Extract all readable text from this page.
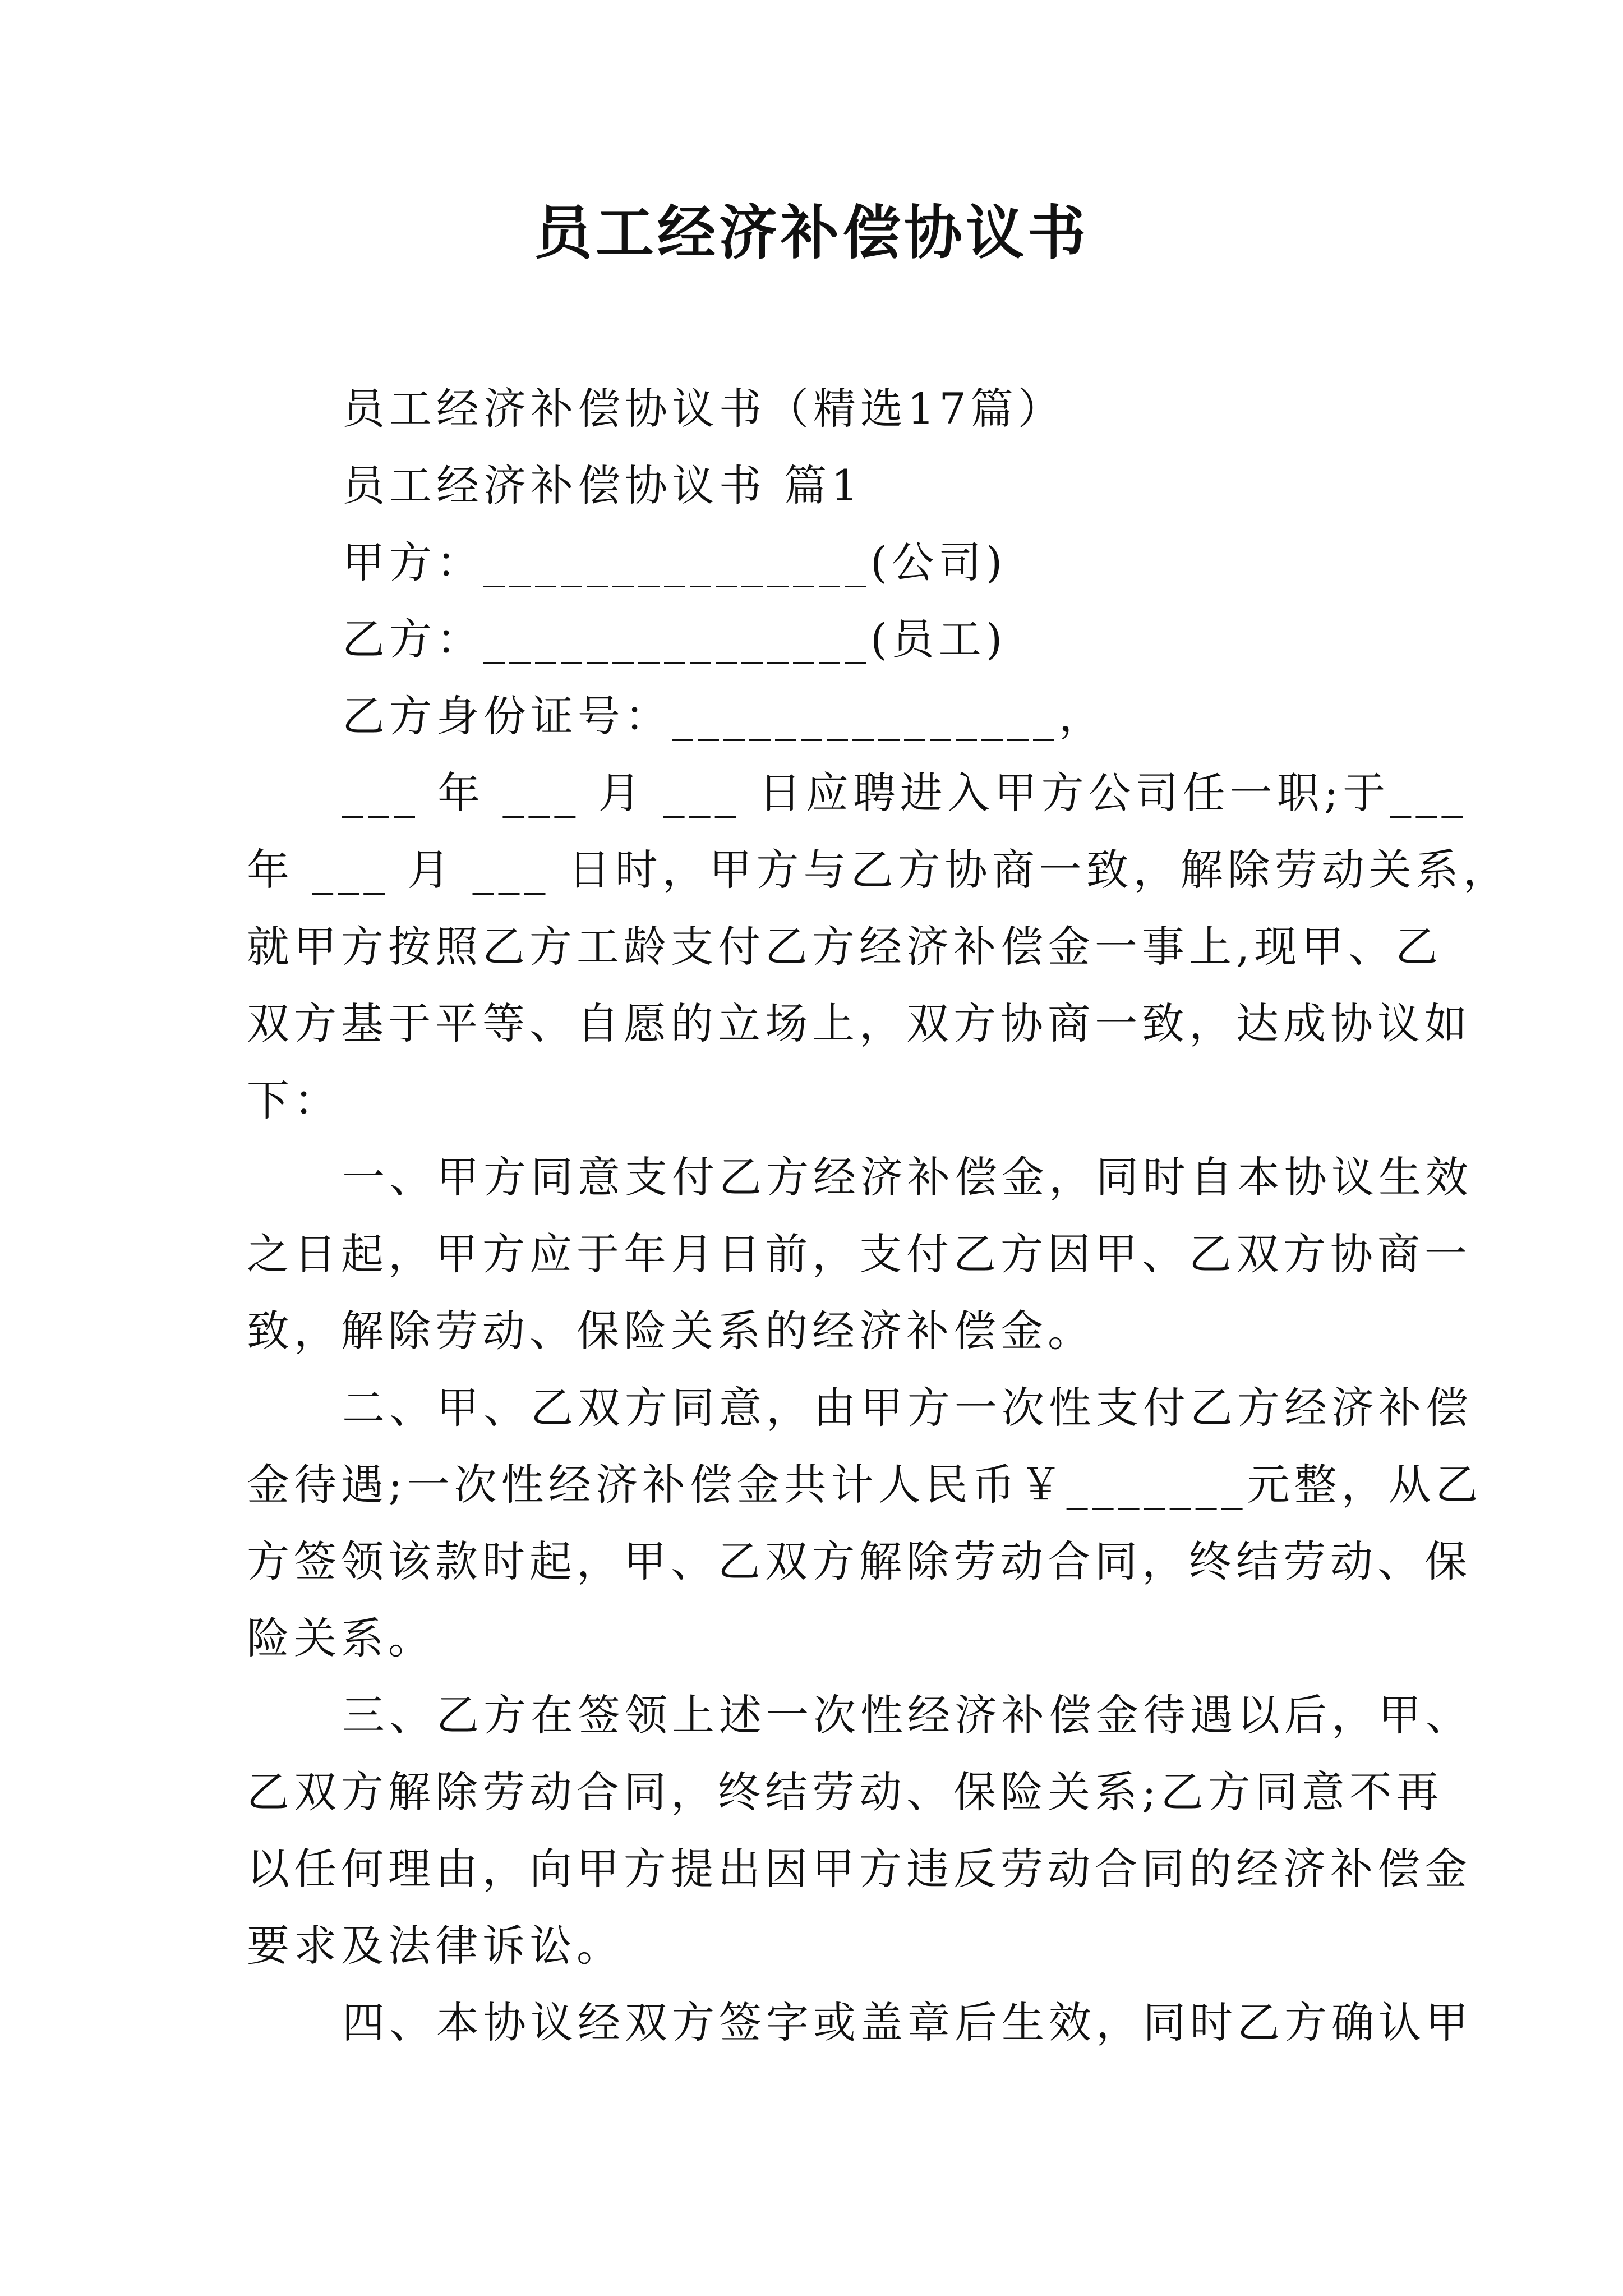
员工经济补偿协议书
员工经济补偿协议书（精选17篇）
员工经济补偿协议书 篇1
甲方：_______________(公司)
乙方：_______________(员工)
乙方身份证号：_______________，
___ 年 ___ 月 ___ 日应聘进入甲方公司任一职;于___
年 ___ 月 ___ 日时，甲方与乙方协商一致，解除劳动关系，
就甲方按照乙方工龄支付乙方经济补偿金一事上,现甲、乙
双方基于平等、自愿的立场上，双方协商一致，达成协议如
下：
一、甲方同意支付乙方经济补偿金，同时自本协议生效
之日起，甲方应于年月日前，支付乙方因甲、乙双方协商一
致，解除劳动、保险关系的经济补偿金。
二、甲、乙双方同意，由甲方一次性支付乙方经济补偿
金待遇;一次性经济补偿金共计人民币￥_______元整，从乙
方签领该款时起，甲、乙双方解除劳动合同，终结劳动、保
险关系。
三、乙方在签领上述一次性经济补偿金待遇以后，甲、
乙双方解除劳动合同，终结劳动、保险关系;乙方同意不再
以任何理由，向甲方提出因甲方违反劳动合同的经济补偿金
要求及法律诉讼。
四、本协议经双方签字或盖章后生效，同时乙方确认甲
